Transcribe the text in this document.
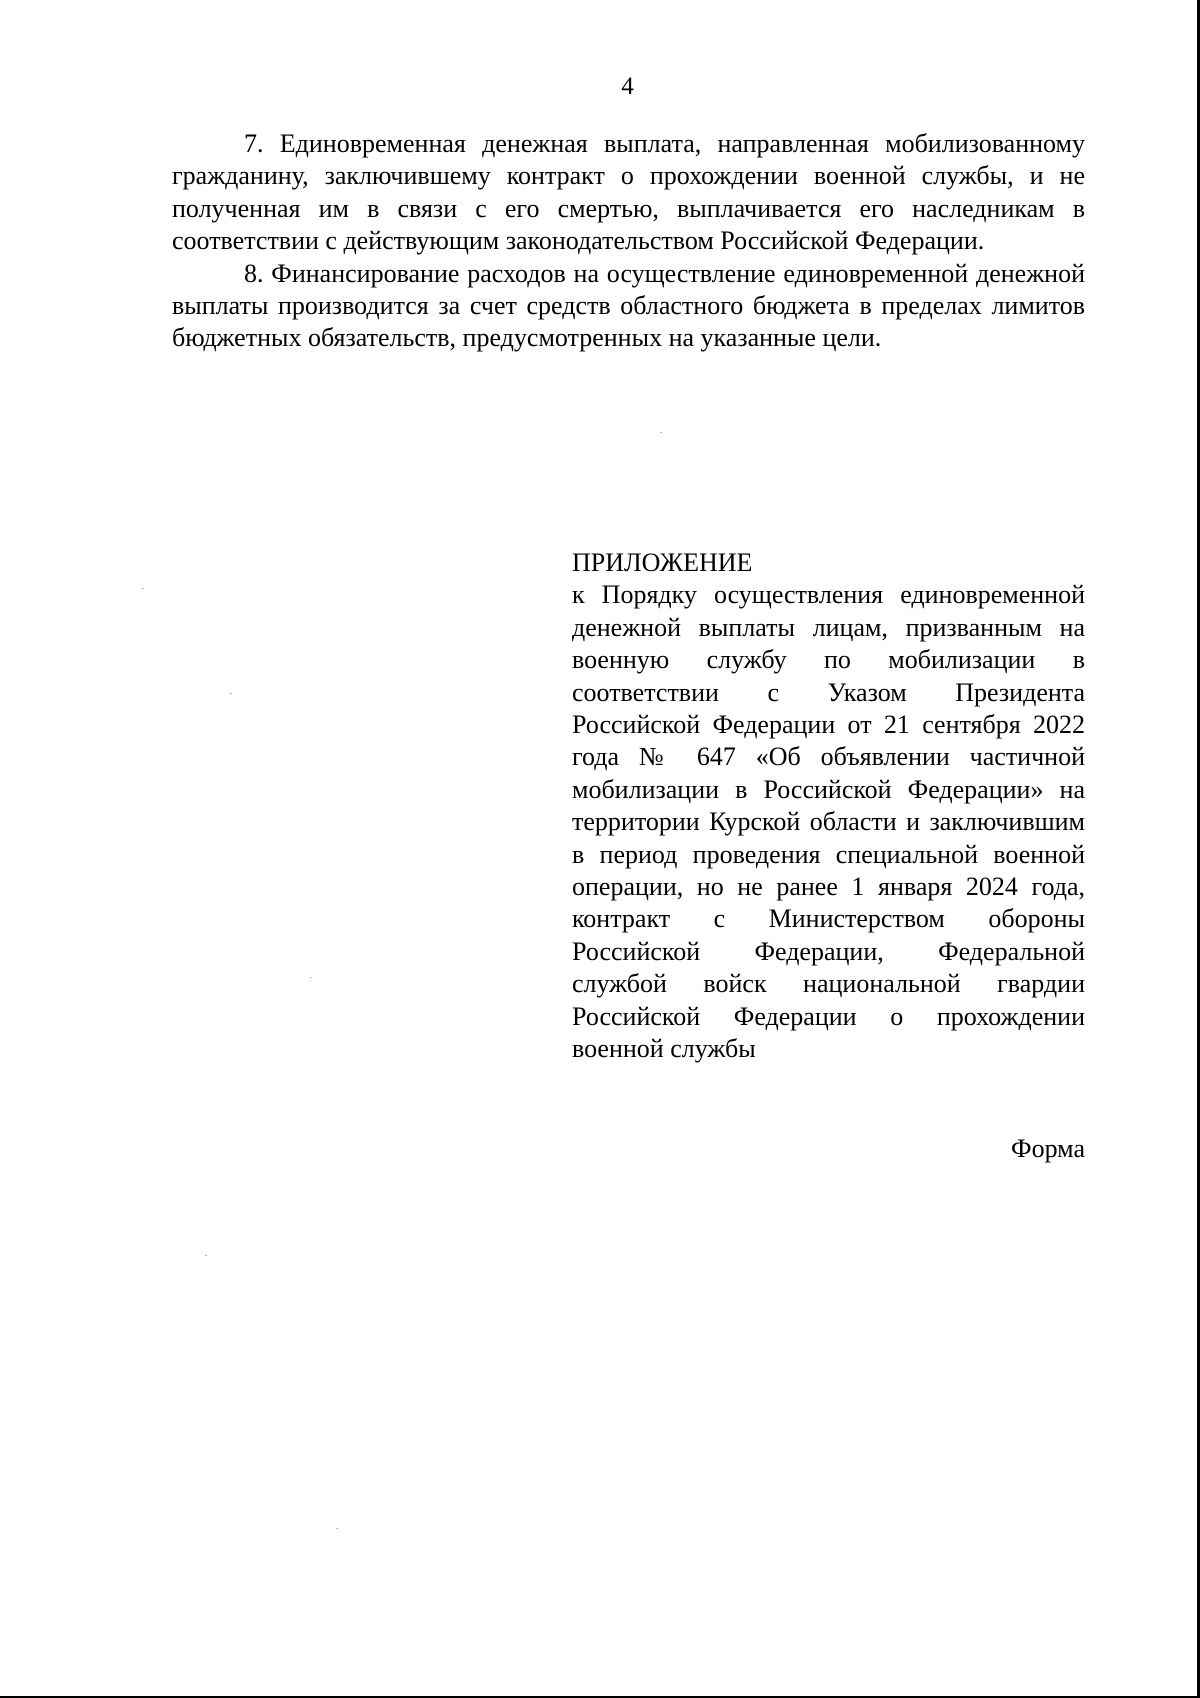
4

7. Единовременная денежная выплата, направленная мобилизованному гражданину, заключившему контракт о прохождении военной службы, и не полученная им в связи с его смертью, выплачивается его наследникам в соответствии с действующим законодательством Российской Федерации.

8. Финансирование расходов на осуществление единовременной денежной выплаты производится за счет средств областного бюджета в пределах лимитов бюджетных обязательств, предусмотренных на указанные цели.

ПРИЛОЖЕНИЕ

к Порядку осуществления единовременной денежной выплаты лицам, призванным на военную службу по мобилизации в соответствии с Указом Президента Российской Федерации от 21 сентября 2022 года № 647 «Об объявлении частичной мобилизации в Российской Федерации» на территории Курской области и заключившим в период проведения специальной военной операции, но не ранее 1 января 2024 года, контракт с Министерством обороны Российской Федерации, Федеральной службой войск национальной гвардии Российской Федерации о прохождении военной службы

Форма
